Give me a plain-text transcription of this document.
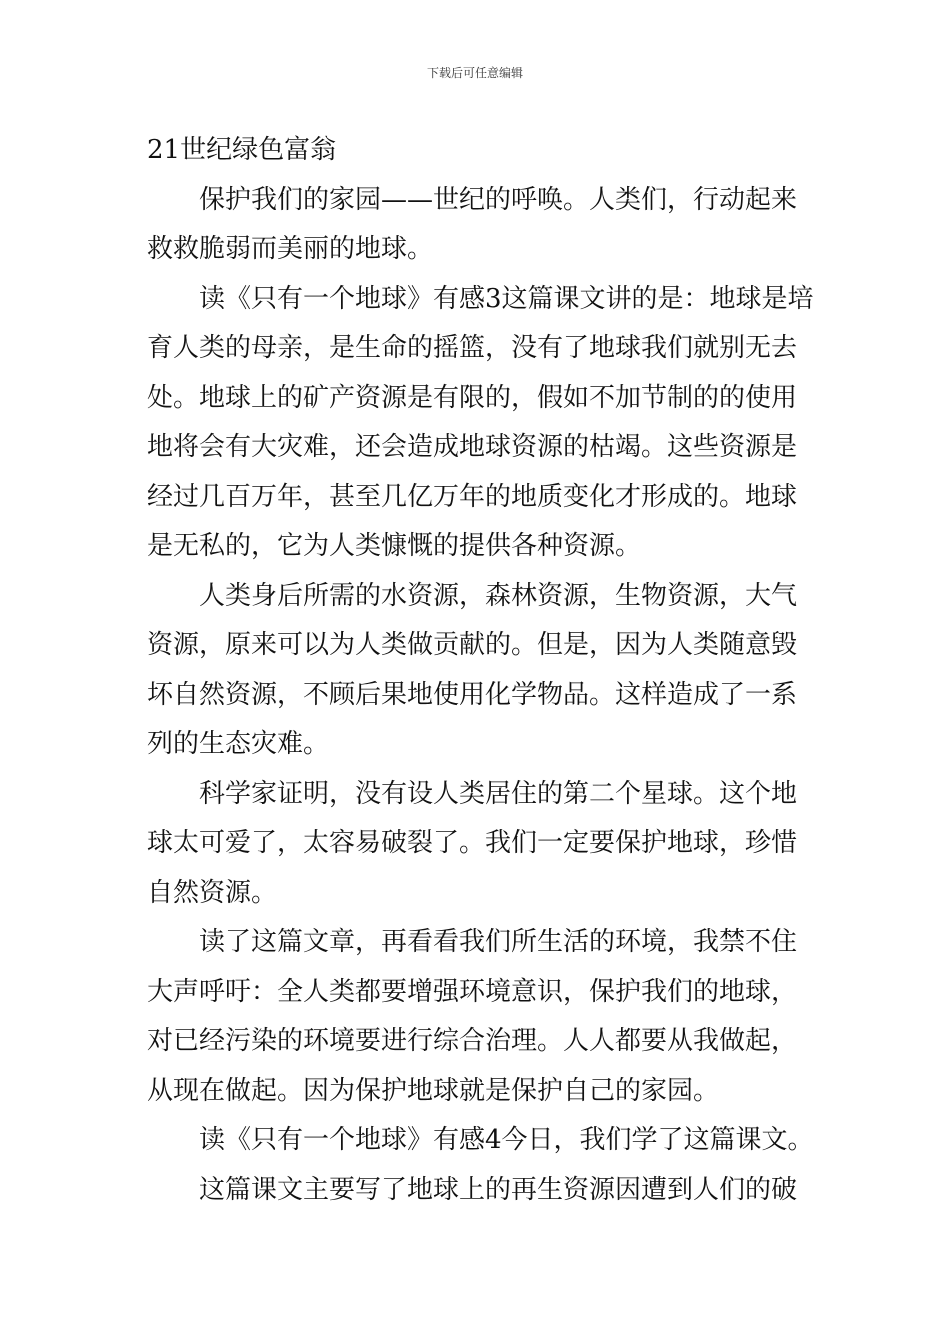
下载后可任意编辑
21世纪绿色富翁
保护我们的家园——世纪的呼唤。人类们，行动起来
救救脆弱而美丽的地球。
读《只有一个地球》有感3这篇课文讲的是：地球是培
育人类的母亲，是生命的摇篮，没有了地球我们就别无去
处。地球上的矿产资源是有限的，假如不加节制的的使用
地将会有大灾难，还会造成地球资源的枯竭。这些资源是
经过几百万年，甚至几亿万年的地质变化才形成的。地球
是无私的，它为人类慷慨的提供各种资源。
人类身后所需的水资源，森林资源，生物资源，大气
资源，原来可以为人类做贡献的。但是，因为人类随意毁
坏自然资源，不顾后果地使用化学物品。这样造成了一系
列的生态灾难。
科学家证明，没有设人类居住的第二个星球。这个地
球太可爱了，太容易破裂了。我们一定要保护地球，珍惜
自然资源。
读了这篇文章，再看看我们所生活的环境，我禁不住
大声呼吁：全人类都要增强环境意识，保护我们的地球，
对已经污染的环境要进行综合治理。人人都要从我做起，
从现在做起。因为保护地球就是保护自己的家园。
读《只有一个地球》有感4今日，我们学了这篇课文。
这篇课文主要写了地球上的再生资源因遭到人们的破
